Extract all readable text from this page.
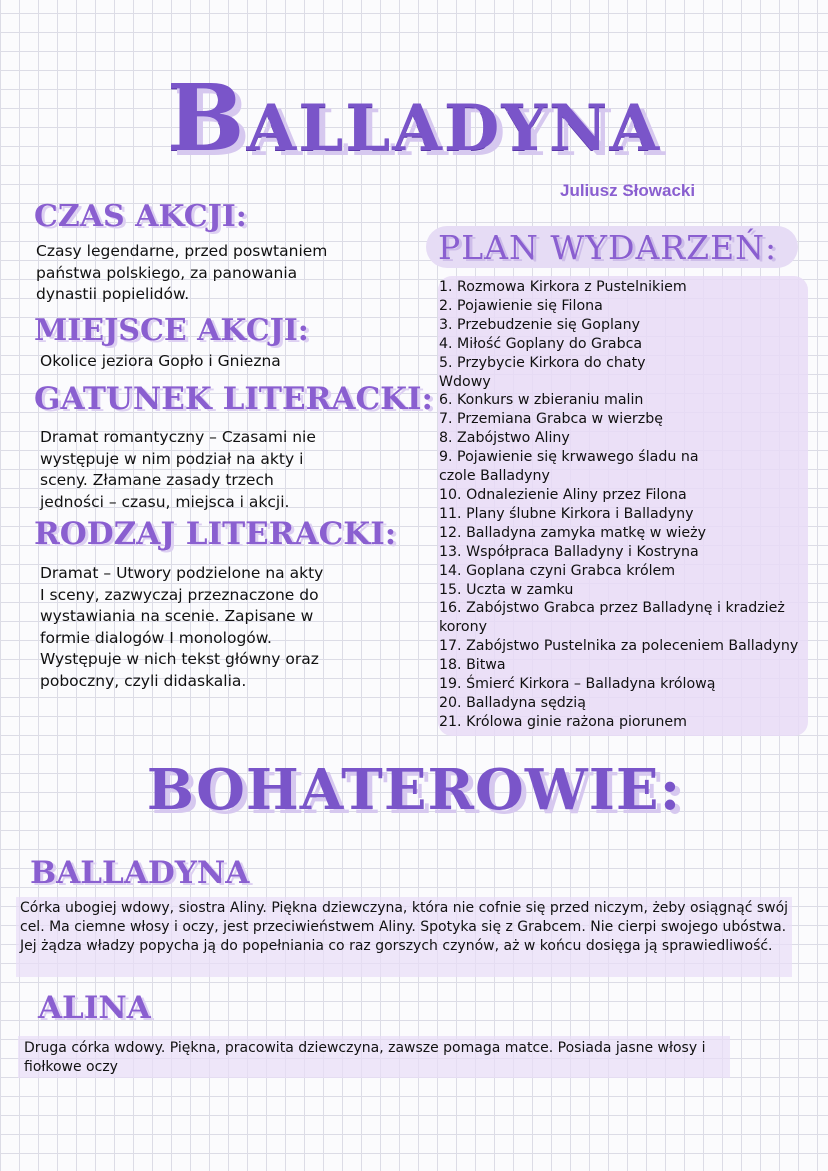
Balladyna
Juliusz Słowacki
CZAS AKCJI:
Czasy legendarne, przed poswtaniem
państwa polskiego, za panowania
dynastii popielidów.
MIEJSCE AKCJI:
Okolice jeziora Gopło i Gniezna
GATUNEK LITERACKI:
Dramat romantyczny – Czasami nie
występuje w nim podział na akty i
sceny. Złamane zasady trzech
jedności – czasu, miejsca i akcji.
RODZAJ LITERACKI:
Dramat – Utwory podzielone na akty
I sceny, zazwyczaj przeznaczone do
wystawiania na scenie. Zapisane w
formie dialogów I monologów.
Występuje w nich tekst główny oraz
poboczny, czyli didaskalia.
PLAN WYDARZEŃ:
1. Rozmowa Kirkora z Pustelnikiem
2. Pojawienie się Filona
3. Przebudzenie się Goplany
4. Miłość Goplany do Grabca
5. Przybycie Kirkora do chaty Wdowy
6. Konkurs w zbieraniu malin
7. Przemiana Grabca w wierzbę
8. Zabójstwo Aliny
9. Pojawienie się krwawego śladu na czole Balladyny
10. Odnalezienie Aliny przez Filona
11. Plany ślubne Kirkora i Balladyny
12. Balladyna zamyka matkę w wieży
13. Współpraca Balladyny i Kostryna
14. Goplana czyni Grabca królem
15. Uczta w zamku
16. Zabójstwo Grabca przez Balladynę i kradzież korony
17. Zabójstwo Pustelnika za poleceniem Balladyny
18. Bitwa
19. Śmierć Kirkora – Balladyna królową
20. Balladyna sędzią
21. Królowa ginie rażona piorunem
BOHATEROWIE:
BALLADYNA
Córka ubogiej wdowy, siostra Aliny. Piękna dziewczyna, która nie cofnie się przed niczym, żeby osiągnąć swój cel. Ma ciemne włosy i oczy, jest przeciwieństwem Aliny. Spotyka się z Grabcem. Nie cierpi swojego ubóstwa. Jej żądza władzy popycha ją do popełniania co raz gorszych czynów, aż w końcu dosięga ją sprawiedliwość.
ALINA
Druga córka wdowy. Piękna, pracowita dziewczyna, zawsze pomaga matce. Posiada jasne włosy i fiołkowe oczy
